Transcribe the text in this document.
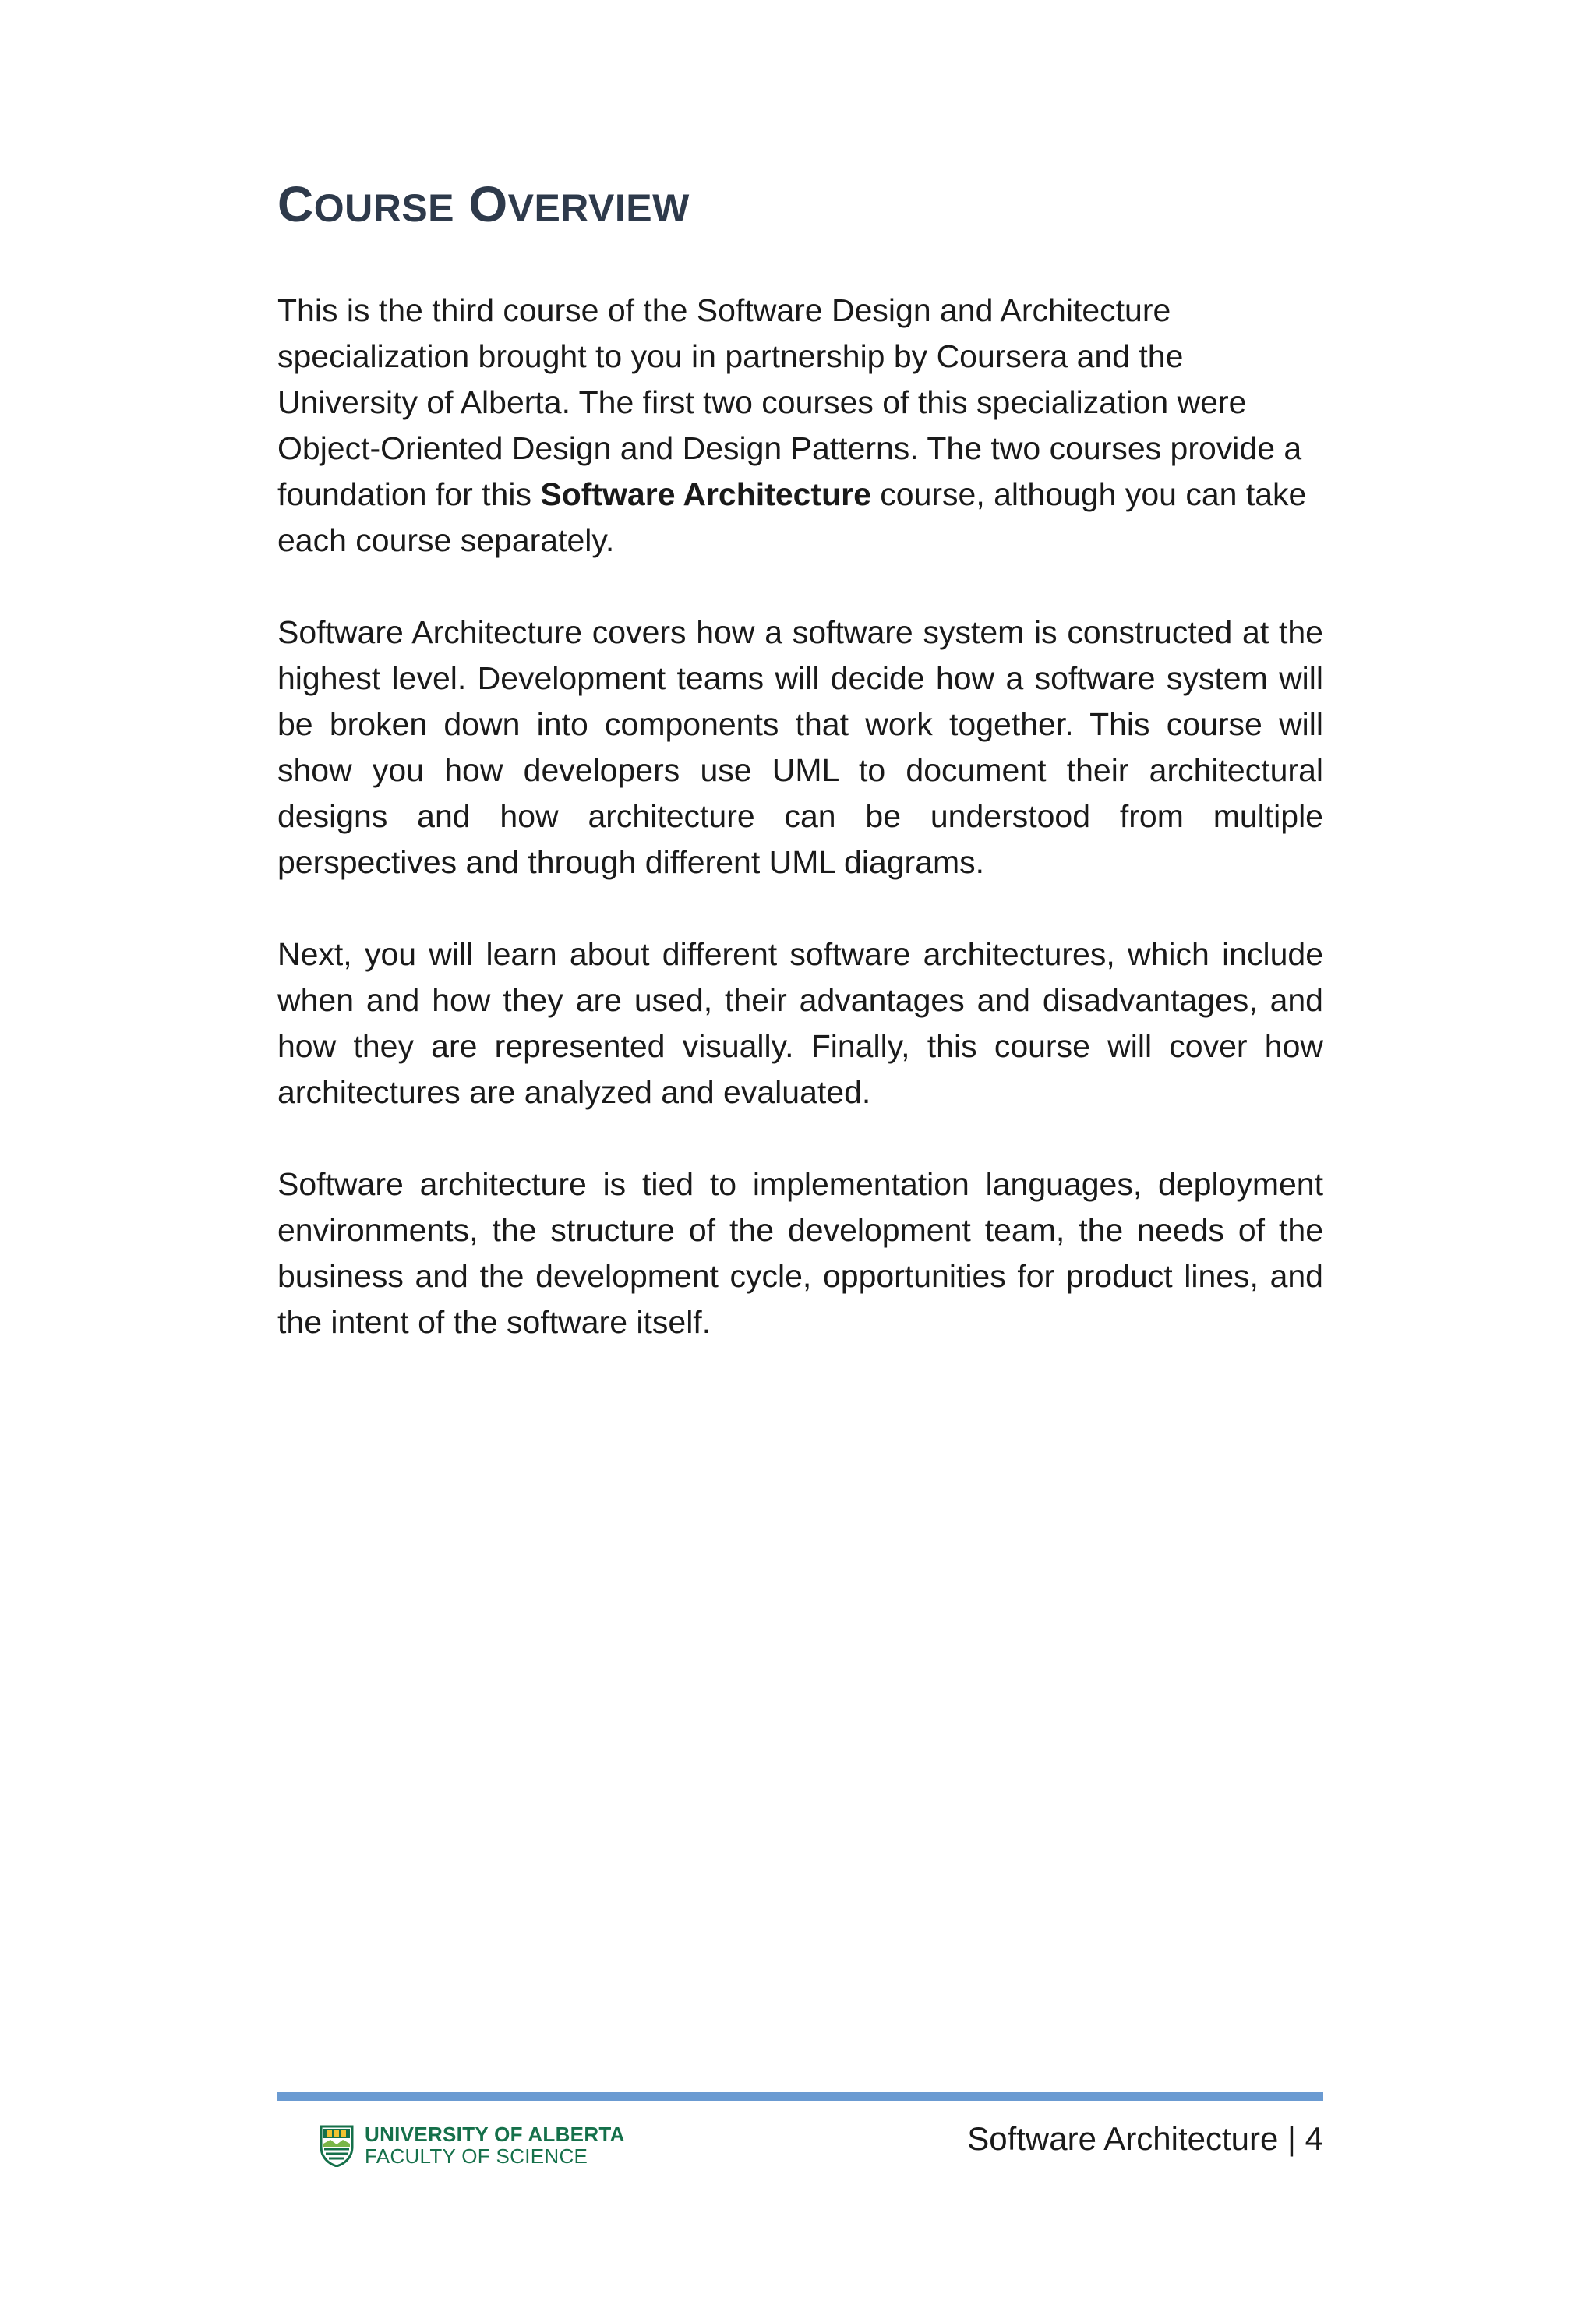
COURSE OVERVIEW

This is the third course of the Software Design and Architecture specialization brought to you in partnership by Coursera and the University of Alberta. The first two courses of this specialization were Object-Oriented Design and Design Patterns. The two courses provide a foundation for this Software Architecture course, although you can take each course separately.

Software Architecture covers how a software system is constructed at the highest level. Development teams will decide how a software system will be broken down into components that work together. This course will show you how developers use UML to document their architectural designs and how architecture can be understood from multiple perspectives and through different UML diagrams.

Next, you will learn about different software architectures, which include when and how they are used, their advantages and disadvantages, and how they are represented visually. Finally, this course will cover how architectures are analyzed and evaluated.

Software architecture is tied to implementation languages, deployment environments, the structure of the development team, the needs of the business and the development cycle, opportunities for product lines, and the intent of the software itself.

UNIVERSITY OF ALBERTA
FACULTY OF SCIENCE	Software Architecture | 4
